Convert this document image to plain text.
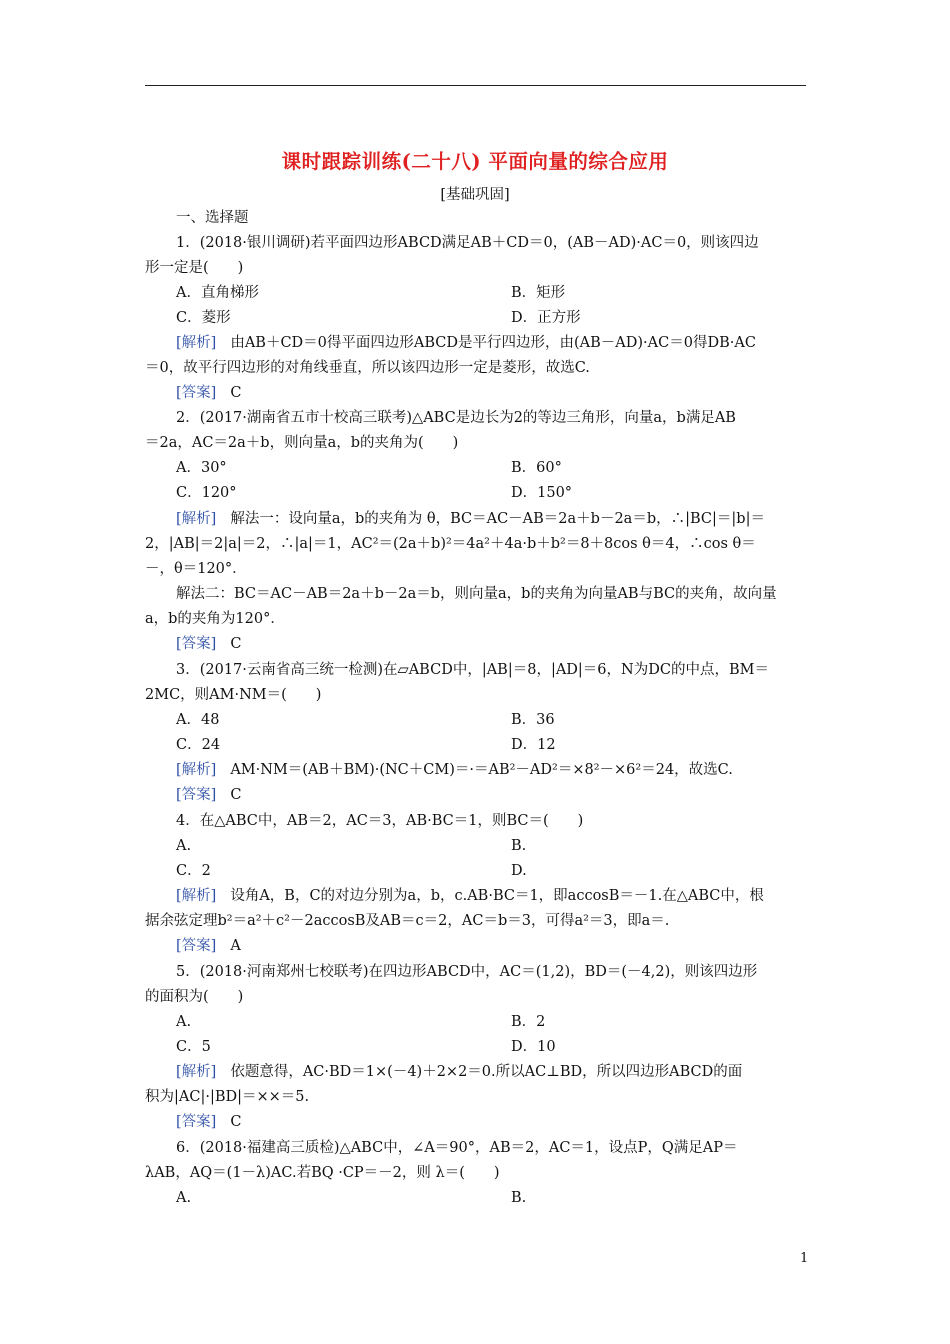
课时跟踪训练(二十八) 平面向量的综合应用
[基础巩固]
一、选择题
1．(2018·银川调研)若平面四边形ABCD满足AB＋CD＝0，(AB－AD)·AC＝0，则该四边
形一定是(　　)
A．直角梯形	B．矩形
C．菱形	D．正方形
[解析] 由AB＋CD＝0得平面四边形ABCD是平行四边形，由(AB－AD)·AC＝0得DB·AC
＝0，故平行四边形的对角线垂直，所以该四边形一定是菱形，故选C.
[答案] C
2．(2017·湖南省五市十校高三联考)△ABC是边长为2的等边三角形，向量a，b满足AB
＝2a，AC＝2a＋b，则向量a，b的夹角为(　　)
A．30°	B．60°
C．120°	D．150°
[解析] 解法一：设向量a，b的夹角为 θ，BC＝AC－AB＝2a＋b－2a＝b，∴|BC|＝|b|＝
2，|AB|＝2|a|＝2，∴|a|＝1，AC²＝(2a＋b)²＝4a²＋4a·b＋b²＝8＋8cos θ＝4，∴cos θ＝
－，θ＝120°．
解法二：BC＝AC－AB＝2a＋b－2a＝b，则向量a，b的夹角为向量AB与BC的夹角，故向量
a，b的夹角为120°．
[答案] C
3．(2017·云南省高三统一检测)在▱ABCD中，|AB|＝8，|AD|＝6，N为DC的中点，BM＝
2MC，则AM·NM＝(　　)
A．48	B．36
C．24	D．12
[解析] AM·NM＝(AB＋BM)·(NC＋CM)＝·＝AB²－AD²＝×8²－×6²＝24，故选C.
[答案] C
4．在△ABC中，AB＝2，AC＝3，AB·BC＝1，则BC＝(　　)
A.	B.
C．2	D.
[解析] 设角A，B，C的对边分别为a，b，c.AB·BC＝1，即accosB＝－1.在△ABC中，根
据余弦定理b²＝a²＋c²－2accosB及AB＝c＝2，AC＝b＝3，可得a²＝3，即a＝.
[答案] A
5．(2018·河南郑州七校联考)在四边形ABCD中，AC＝(1,2)，BD＝(－4,2)，则该四边形
的面积为(　　)
A.	B．2
C．5	D．10
[解析] 依题意得，AC·BD＝1×(－4)＋2×2＝0.所以AC⊥BD，所以四边形ABCD的面
积为|AC|·|BD|＝××＝5.
[答案] C
6．(2018·福建高三质检)△ABC中，∠A＝90°，AB＝2，AC＝1，设点P，Q满足AP＝
λAB，AQ＝(1－λ)AC.若BQ ·CP＝－2，则 λ＝(　　)
A.	B.
1
